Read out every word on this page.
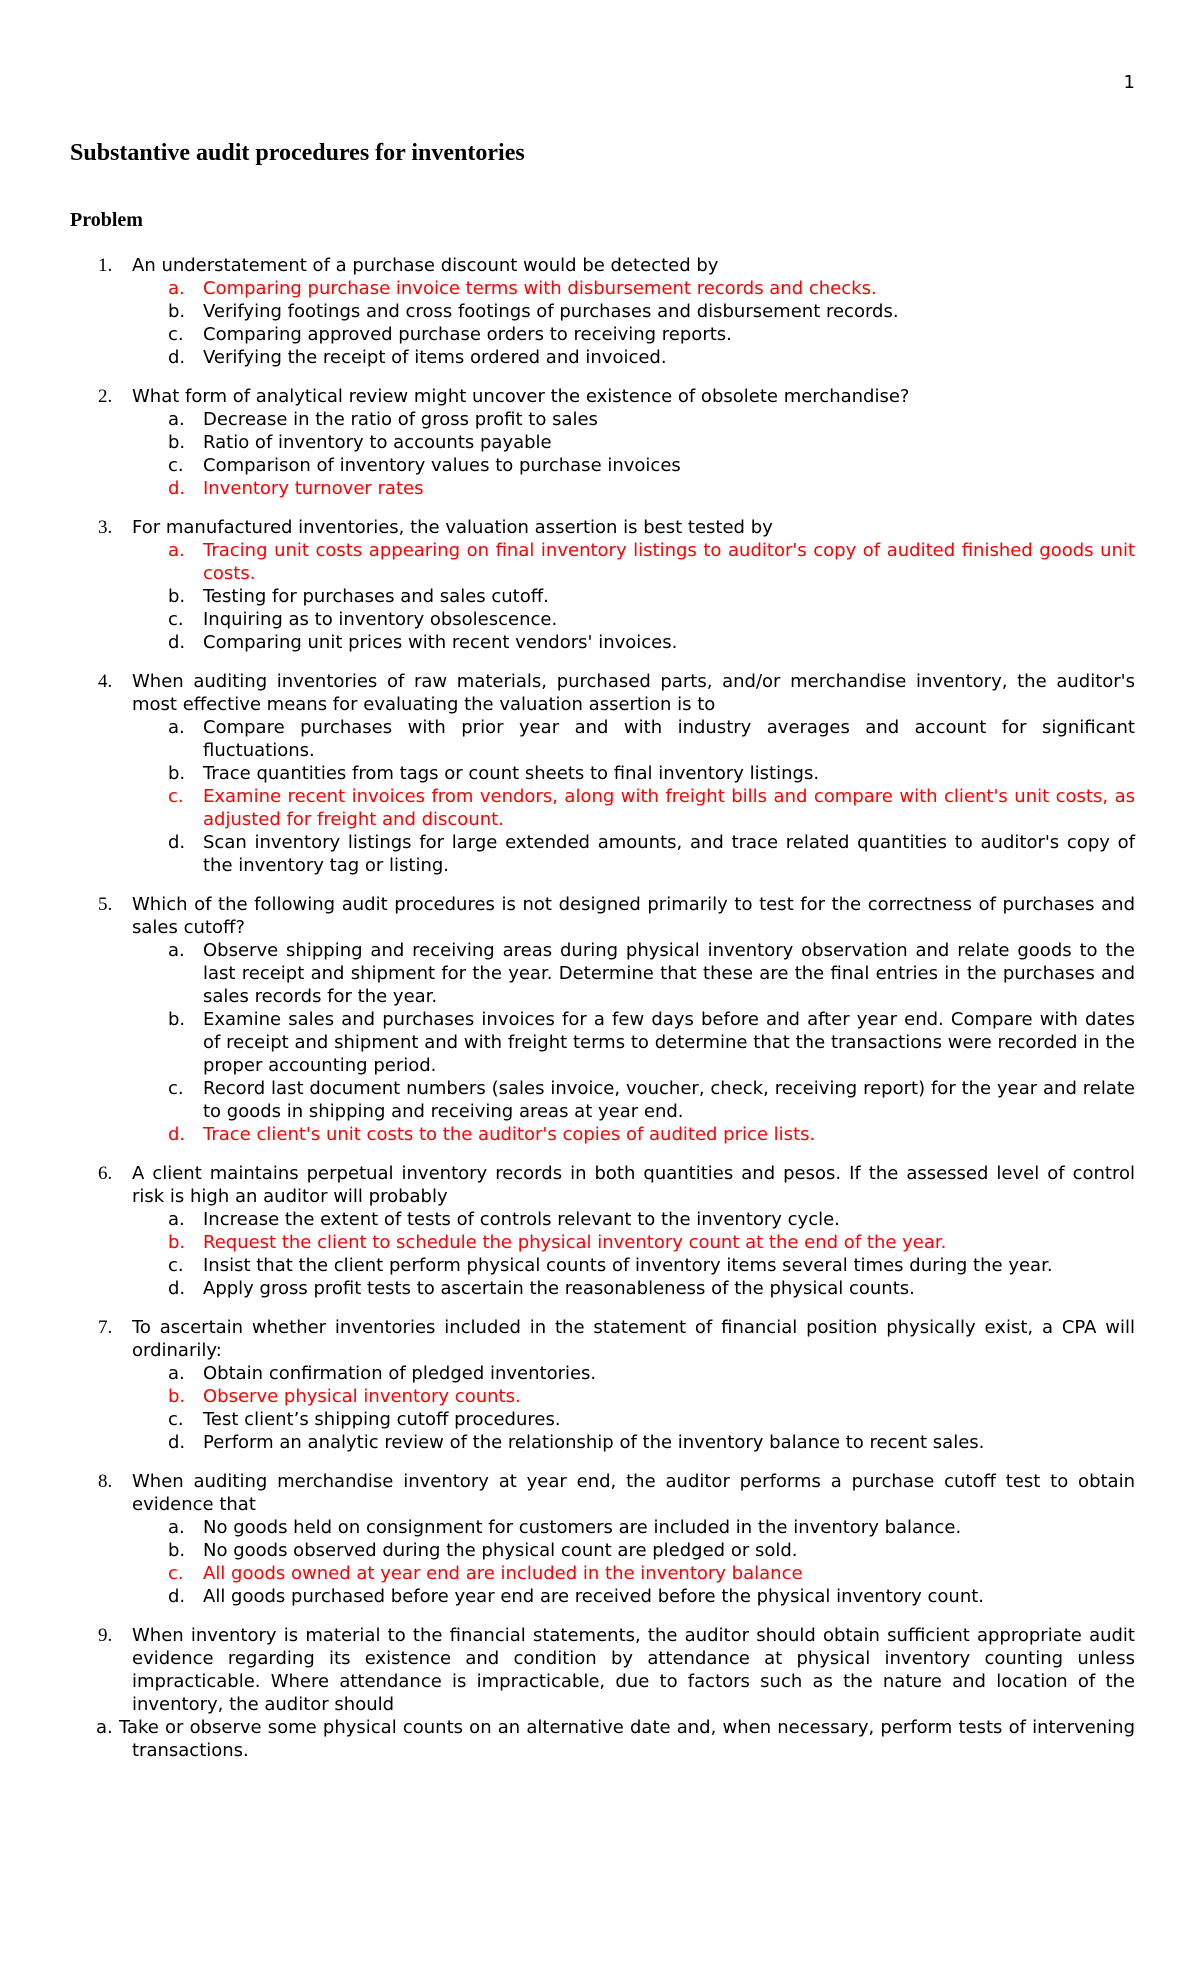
1
Substantive audit procedures for inventories
Problem
1. An understatement of a purchase discount would be detected by
a. Comparing purchase invoice terms with disbursement records and checks.
b. Verifying footings and cross footings of purchases and disbursement records.
c. Comparing approved purchase orders to receiving reports.
d. Verifying the receipt of items ordered and invoiced.
2. What form of analytical review might uncover the existence of obsolete merchandise?
a. Decrease in the ratio of gross profit to sales
b. Ratio of inventory to accounts payable
c. Comparison of inventory values to purchase invoices
d. Inventory turnover rates
3. For manufactured inventories, the valuation assertion is best tested by
a. Tracing unit costs appearing on final inventory listings to auditor's copy of audited finished goods unit costs.
b. Testing for purchases and sales cutoff.
c. Inquiring as to inventory obsolescence.
d. Comparing unit prices with recent vendors' invoices.
4. When auditing inventories of raw materials, purchased parts, and/or merchandise inventory, the auditor's most effective means for evaluating the valuation assertion is to
a. Compare purchases with prior year and with industry averages and account for significant fluctuations.
b. Trace quantities from tags or count sheets to final inventory listings.
c. Examine recent invoices from vendors, along with freight bills and compare with client's unit costs, as adjusted for freight and discount.
d. Scan inventory listings for large extended amounts, and trace related quantities to auditor's copy of the inventory tag or listing.
5. Which of the following audit procedures is not designed primarily to test for the correctness of purchases and sales cutoff?
a. Observe shipping and receiving areas during physical inventory observation and relate goods to the last receipt and shipment for the year. Determine that these are the final entries in the purchases and sales records for the year.
b. Examine sales and purchases invoices for a few days before and after year end. Compare with dates of receipt and shipment and with freight terms to determine that the transactions were recorded in the proper accounting period.
c. Record last document numbers (sales invoice, voucher, check, receiving report) for the year and relate to goods in shipping and receiving areas at year end.
d. Trace client's unit costs to the auditor's copies of audited price lists.
6. A client maintains perpetual inventory records in both quantities and pesos. If the assessed level of control risk is high an auditor will probably
a. Increase the extent of tests of controls relevant to the inventory cycle.
b. Request the client to schedule the physical inventory count at the end of the year.
c. Insist that the client perform physical counts of inventory items several times during the year.
d. Apply gross profit tests to ascertain the reasonableness of the physical counts.
7. To ascertain whether inventories included in the statement of financial position physically exist, a CPA will ordinarily:
a. Obtain confirmation of pledged inventories.
b. Observe physical inventory counts.
c. Test client’s shipping cutoff procedures.
d. Perform an analytic review of the relationship of the inventory balance to recent sales.
8. When auditing merchandise inventory at year end, the auditor performs a purchase cutoff test to obtain evidence that
a. No goods held on consignment for customers are included in the inventory balance.
b. No goods observed during the physical count are pledged or sold.
c. All goods owned at year end are included in the inventory balance
d. All goods purchased before year end are received before the physical inventory count.
9. When inventory is material to the financial statements, the auditor should obtain sufficient appropriate audit evidence regarding its existence and condition by attendance at physical inventory counting unless impracticable. Where attendance is impracticable, due to factors such as the nature and location of the inventory, the auditor should
a. Take or observe some physical counts on an alternative date and, when necessary, perform tests of intervening transactions.
